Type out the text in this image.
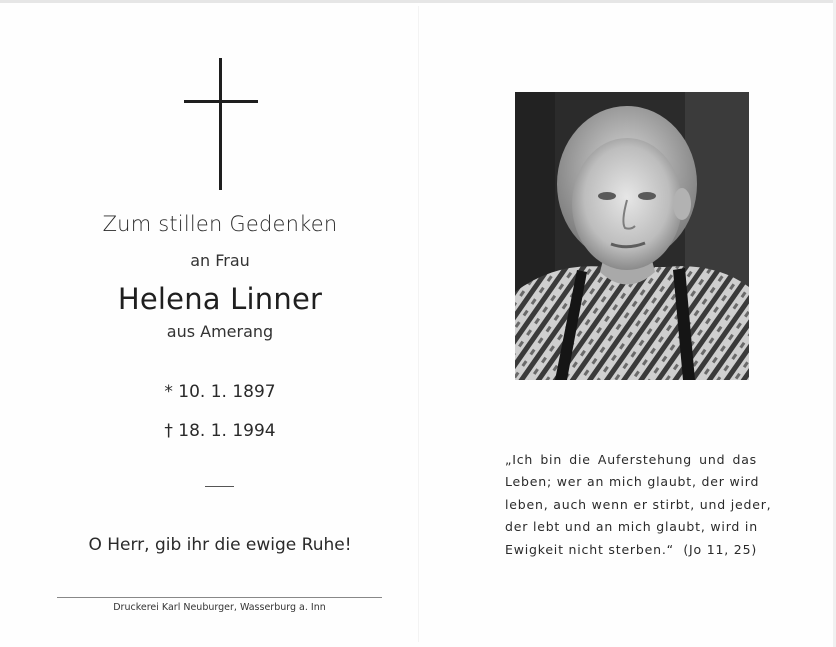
Zum stillen Gedenken
an Frau
Helena Linner
aus Amerang
* 10. 1. 1897
† 18. 1. 1994
O Herr, gib ihr die ewige Ruhe!
Druckerei Karl Neuburger, Wasserburg a. Inn
„Ich bin die Auferstehung und das
Leben; wer an mich glaubt, der wird
leben, auch wenn er stirbt, und jeder,
der lebt und an mich glaubt, wird in
Ewigkeit nicht sterben.“ (Jo 11, 25)
